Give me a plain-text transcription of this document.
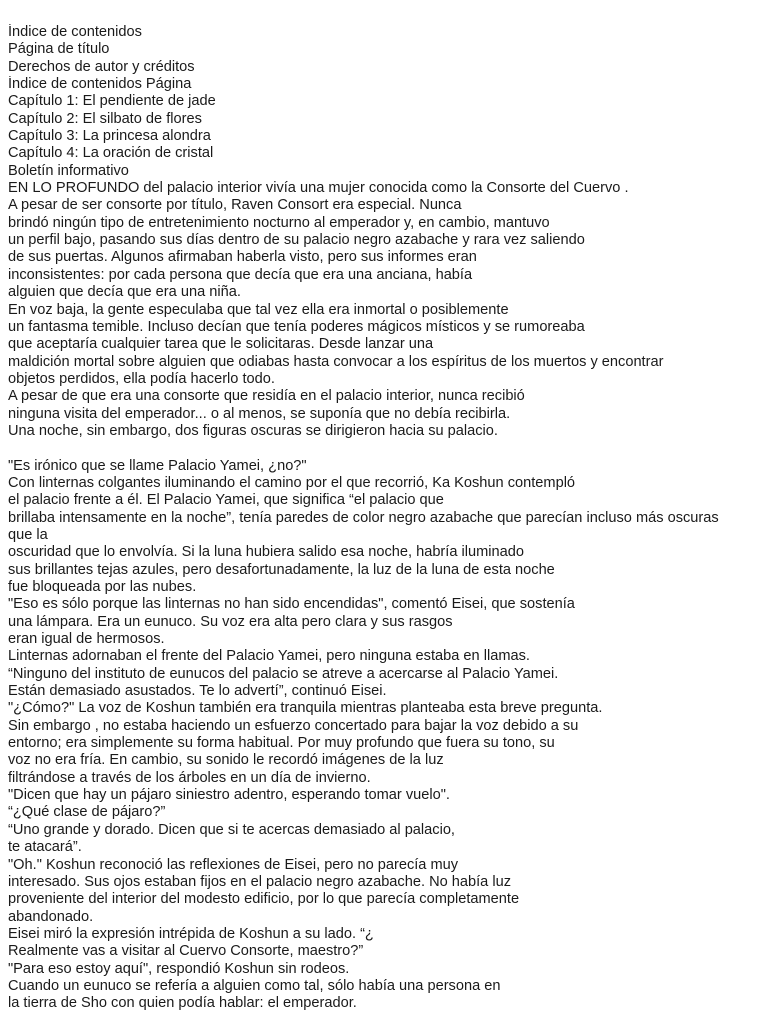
Índice de contenidos
Página de título
Derechos de autor y créditos
Índice de contenidos Página
Capítulo 1: El pendiente de jade
Capítulo 2: El silbato de flores
Capítulo 3: La princesa alondra
Capítulo 4: La oración de cristal
Boletín informativo
EN LO PROFUNDO del palacio interior vivía una mujer conocida como la Consorte del Cuervo .
A pesar de ser consorte por título, Raven Consort era especial. Nunca
brindó ningún tipo de entretenimiento nocturno al emperador y, en cambio, mantuvo
un perfil bajo, pasando sus días dentro de su palacio negro azabache y rara vez saliendo
de sus puertas. Algunos afirmaban haberla visto, pero sus informes eran
inconsistentes: por cada persona que decía que era una anciana, había
alguien que decía que era una niña.
En voz baja, la gente especulaba que tal vez ella era inmortal o posiblemente
un fantasma temible. Incluso decían que tenía poderes mágicos místicos y se rumoreaba
que aceptaría cualquier tarea que le solicitaras. Desde lanzar una
maldición mortal sobre alguien que odiabas hasta convocar a los espíritus de los muertos y encontrar
objetos perdidos, ella podía hacerlo todo.
A pesar de que era una consorte que residía en el palacio interior, nunca recibió
ninguna visita del emperador... o al menos, se suponía que no debía recibirla.
Una noche, sin embargo, dos figuras oscuras se dirigieron hacia su palacio.
"Es irónico que se llame Palacio Yamei, ¿no?"
Con linternas colgantes iluminando el camino por el que recorrió, Ka Koshun contempló
el palacio frente a él. El Palacio Yamei, que significa “el palacio que
brillaba intensamente en la noche”, tenía paredes de color negro azabache que parecían incluso más oscuras
que la
oscuridad que lo envolvía. Si la luna hubiera salido esa noche, habría iluminado
sus brillantes tejas azules, pero desafortunadamente, la luz de la luna de esta noche
fue bloqueada por las nubes.
"Eso es sólo porque las linternas no han sido encendidas", comentó Eisei, que sostenía
una lámpara. Era un eunuco. Su voz era alta pero clara y sus rasgos
eran igual de hermosos.
Linternas adornaban el frente del Palacio Yamei, pero ninguna estaba en llamas.
“Ninguno del instituto de eunucos del palacio se atreve a acercarse al Palacio Yamei.
Están demasiado asustados. Te lo advertí”, continuó Eisei.
"¿Cómo?" La voz de Koshun también era tranquila mientras planteaba esta breve pregunta.
Sin embargo , no estaba haciendo un esfuerzo concertado para bajar la voz debido a su
entorno; era simplemente su forma habitual. Por muy profundo que fuera su tono, su
voz no era fría. En cambio, su sonido le recordó imágenes de la luz
filtrándose a través de los árboles en un día de invierno.
"Dicen que hay un pájaro siniestro adentro, esperando tomar vuelo".
“¿Qué clase de pájaro?”
“Uno grande y dorado. Dicen que si te acercas demasiado al palacio,
te atacará”.
"Oh." Koshun reconoció las reflexiones de Eisei, pero no parecía muy
interesado. Sus ojos estaban fijos en el palacio negro azabache. No había luz
proveniente del interior del modesto edificio, por lo que parecía completamente
abandonado.
Eisei miró la expresión intrépida de Koshun a su lado. “¿
Realmente vas a visitar al Cuervo Consorte, maestro?”
"Para eso estoy aquí", respondió Koshun sin rodeos.
Cuando un eunuco se refería a alguien como tal, sólo había una persona en
la tierra de Sho con quien podía hablar: el emperador.
